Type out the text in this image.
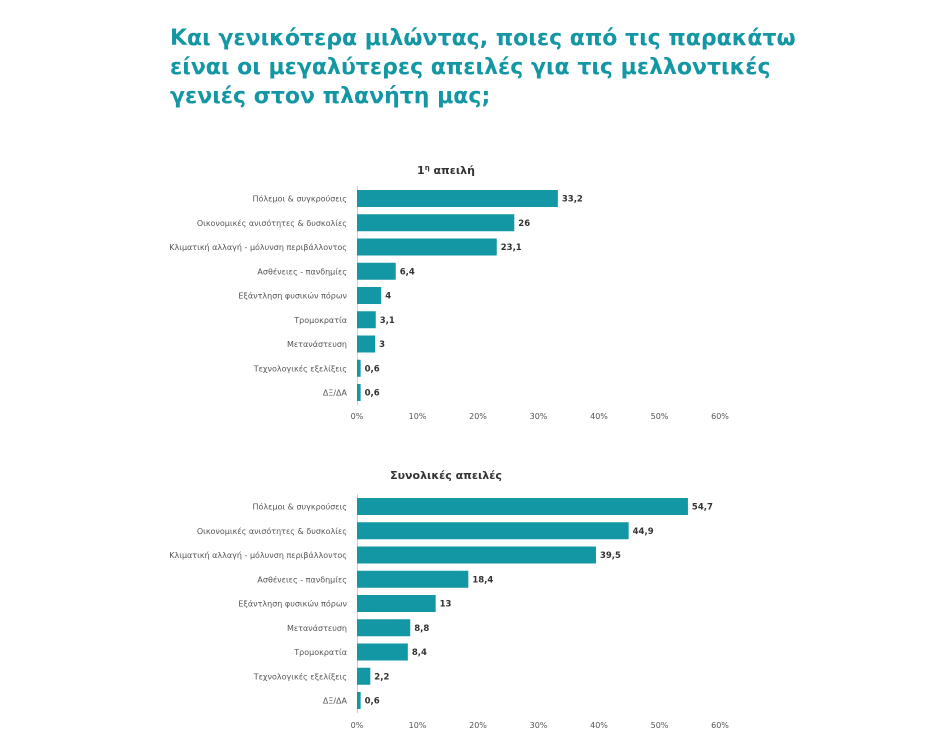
Και γενικότερα μιλώντας, ποιες από τις παρακάτω
είναι οι μεγαλύτερες απειλές για τις μελλοντικές
γενιές στον πλανήτη μας;
$1^\eta$ απειλή
Πόλεμοι & συγκρούσεις	33,2
Οικονομικές ανισότητες & δυσκολίες	26
Κλιματική αλλαγή - μόλυνση περιβάλλοντος	23,1
Ασθένειες - πανδημίες	6,4
Εξάντληση φυσικών πόρων	4
Τρομοκρατία	3,1
Μετανάστευση	3
Τεχνολογικές εξελίξεις 0,6
ΔΞ/ΔΑ 0,6
0%	10%	20%	30%	40%	50%	60%
Συνολικές απειλές
Πόλεμοι & συγκρούσεις	54,7
Οικονομικές ανισότητες & δυσκολίες	44,9
Κλιματική αλλαγή - μόλυνση περιβάλλοντος	39,5
Ασθένειες - πανδημίες	18,4
Εξάντληση φυσικών πόρων	13
Μετανάστευση	8,8
Τρομοκρατία	8,4
Τεχνολογικές εξελίξεις	2,2
ΔΞ/ΔΑ 0,6
0%	10%	20%	30%	40%	50%	60%
